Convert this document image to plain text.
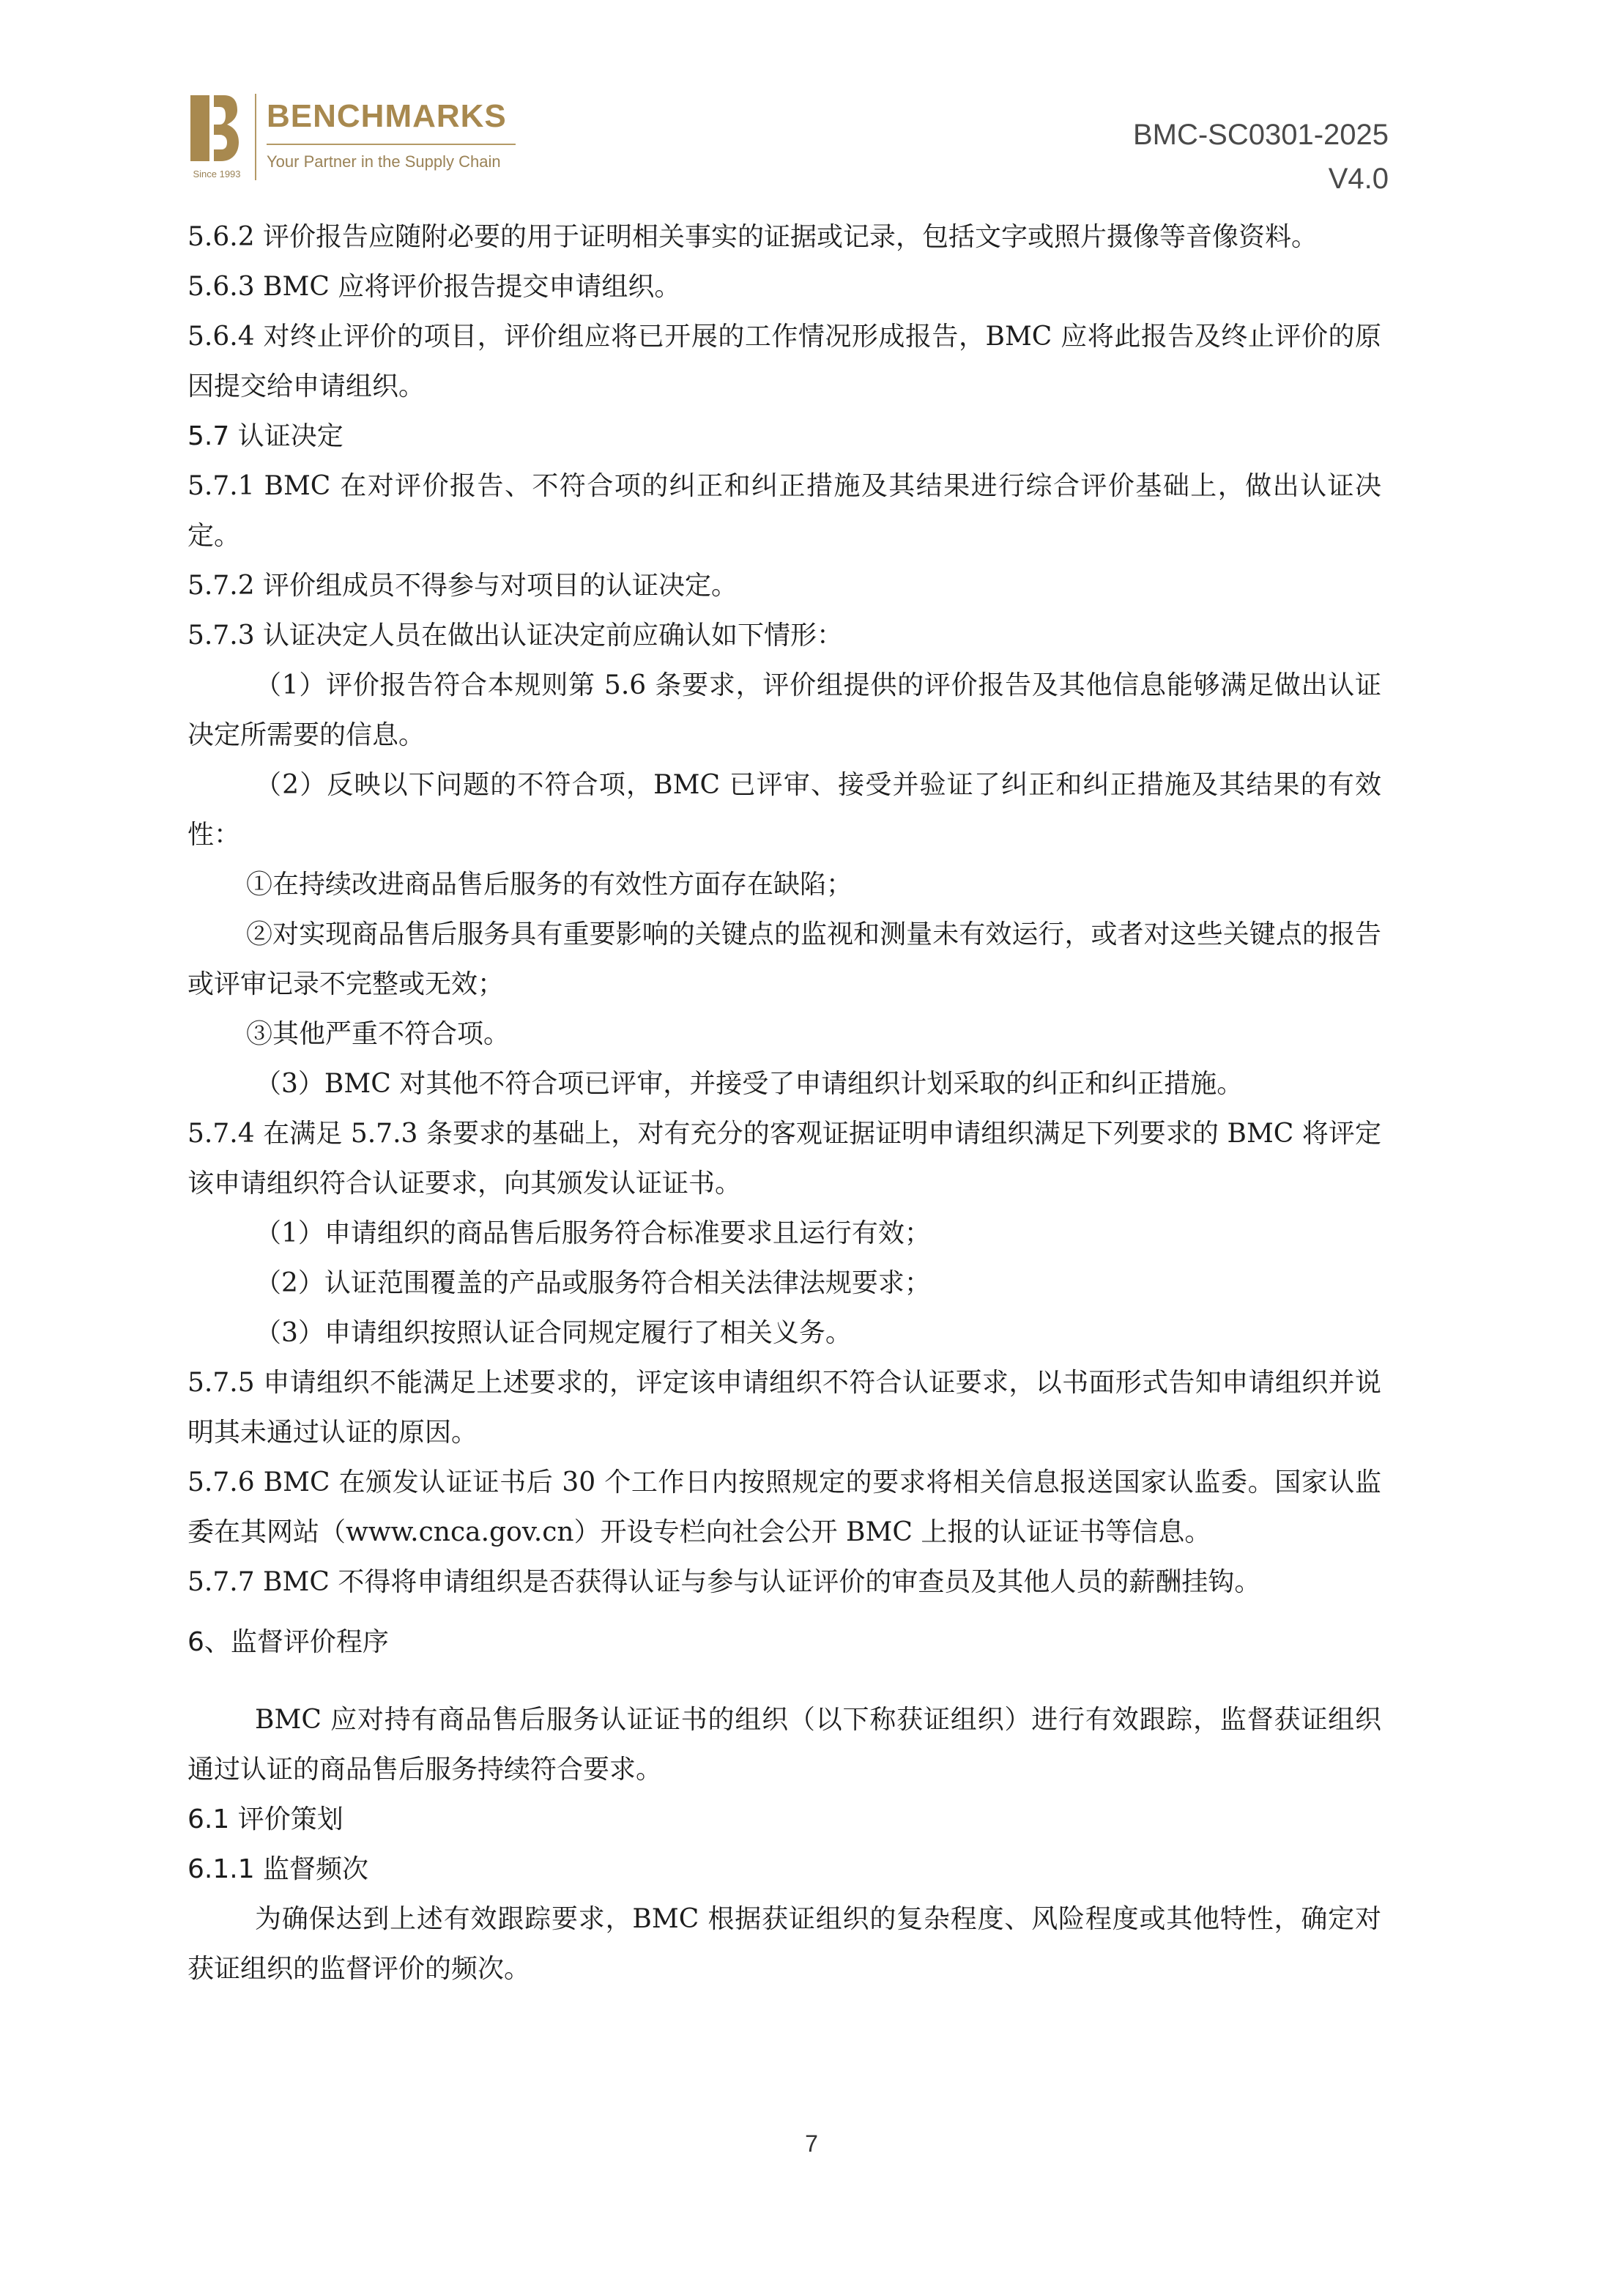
Since 1993
BENCHMARKS
Your Partner in the Supply Chain
BMC-SC0301-2025
V4.0

5.6.2 评价报告应随附必要的用于证明相关事实的证据或记录，包括文字或照片摄像等音像资料。

5.6.3 BMC 应将评价报告提交申请组织。

5.6.4 对终止评价的项目，评价组应将已开展的工作情况形成报告，BMC 应将此报告及终止评价的原因提交给申请组织。

5.7 认证决定

5.7.1 BMC 在对评价报告、不符合项的纠正和纠正措施及其结果进行综合评价基础上，做出认证决定。

5.7.2 评价组成员不得参与对项目的认证决定。

5.7.3 认证决定人员在做出认证决定前应确认如下情形：

（1）评价报告符合本规则第 5.6 条要求，评价组提供的评价报告及其他信息能够满足做出认证决定所需要的信息。

（2）反映以下问题的不符合项，BMC 已评审、接受并验证了纠正和纠正措施及其结果的有效性：

①在持续改进商品售后服务的有效性方面存在缺陷；

②对实现商品售后服务具有重要影响的关键点的监视和测量未有效运行，或者对这些关键点的报告或评审记录不完整或无效；

③其他严重不符合项。

（3）BMC 对其他不符合项已评审，并接受了申请组织计划采取的纠正和纠正措施。

5.7.4 在满足 5.7.3 条要求的基础上，对有充分的客观证据证明申请组织满足下列要求的 BMC 将评定该申请组织符合认证要求，向其颁发认证证书。

（1）申请组织的商品售后服务符合标准要求且运行有效；

（2）认证范围覆盖的产品或服务符合相关法律法规要求；

（3）申请组织按照认证合同规定履行了相关义务。

5.7.5 申请组织不能满足上述要求的，评定该申请组织不符合认证要求，以书面形式告知申请组织并说明其未通过认证的原因。

5.7.6 BMC 在颁发认证证书后 30 个工作日内按照规定的要求将相关信息报送国家认监委。国家认监委在其网站（www.cnca.gov.cn）开设专栏向社会公开 BMC 上报的认证证书等信息。

5.7.7 BMC 不得将申请组织是否获得认证与参与认证评价的审查员及其他人员的薪酬挂钩。

6、监督评价程序

BMC 应对持有商品售后服务认证证书的组织（以下称获证组织）进行有效跟踪，监督获证组织通过认证的商品售后服务持续符合要求。

6.1 评价策划

6.1.1 监督频次

为确保达到上述有效跟踪要求，BMC 根据获证组织的复杂程度、风险程度或其他特性，确定对获证组织的监督评价的频次。

7
